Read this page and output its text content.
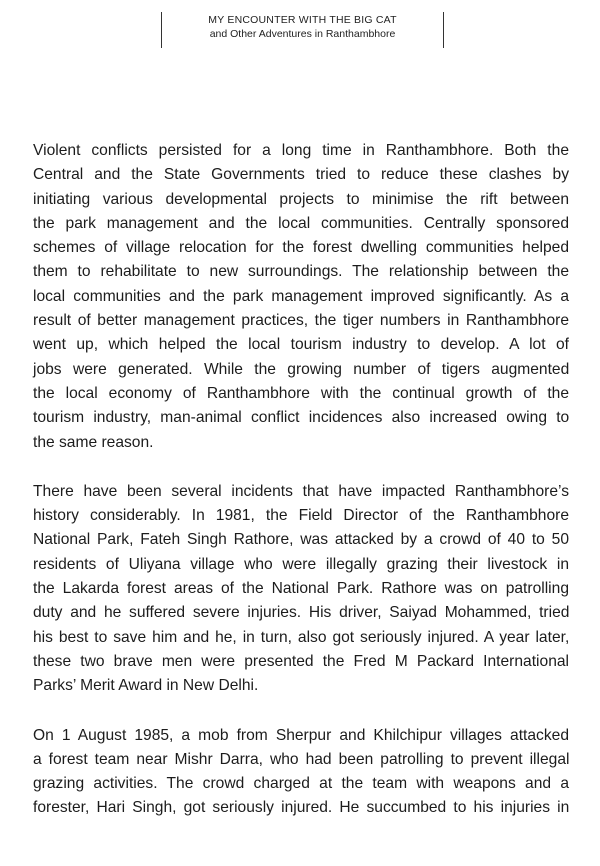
MY ENCOUNTER WITH THE BIG CAT
and Other Adventures in Ranthambhore

Violent conflicts persisted for a long time in Ranthambhore. Both the
Central and the State Governments tried to reduce these clashes by
initiating various developmental projects to minimise the rift between
the park management and the local communities. Centrally sponsored
schemes of village relocation for the forest dwelling communities helped
them to rehabilitate to new surroundings. The relationship between the
local communities and the park management improved significantly. As a
result of better management practices, the tiger numbers in Ranthambhore
went up, which helped the local tourism industry to develop. A lot of
jobs were generated. While the growing number of tigers augmented
the local economy of Ranthambhore with the continual growth of the
tourism industry, man-animal conflict incidences also increased owing to
the same reason.

There have been several incidents that have impacted Ranthambhore’s
history considerably. In 1981, the Field Director of the Ranthambhore
National Park, Fateh Singh Rathore, was attacked by a crowd of 40 to 50
residents of Uliyana village who were illegally grazing their livestock in
the Lakarda forest areas of the National Park. Rathore was on patrolling
duty and he suffered severe injuries. His driver, Saiyad Mohammed, tried
his best to save him and he, in turn, also got seriously injured. A year later,
these two brave men were presented the Fred M Packard International
Parks’ Merit Award in New Delhi.

On 1 August 1985, a mob from Sherpur and Khilchipur villages attacked
a forest team near Mishr Darra, who had been patrolling to prevent illegal
grazing activities. The crowd charged at the team with weapons and a
forester, Hari Singh, got seriously injured. He succumbed to his injuries in
